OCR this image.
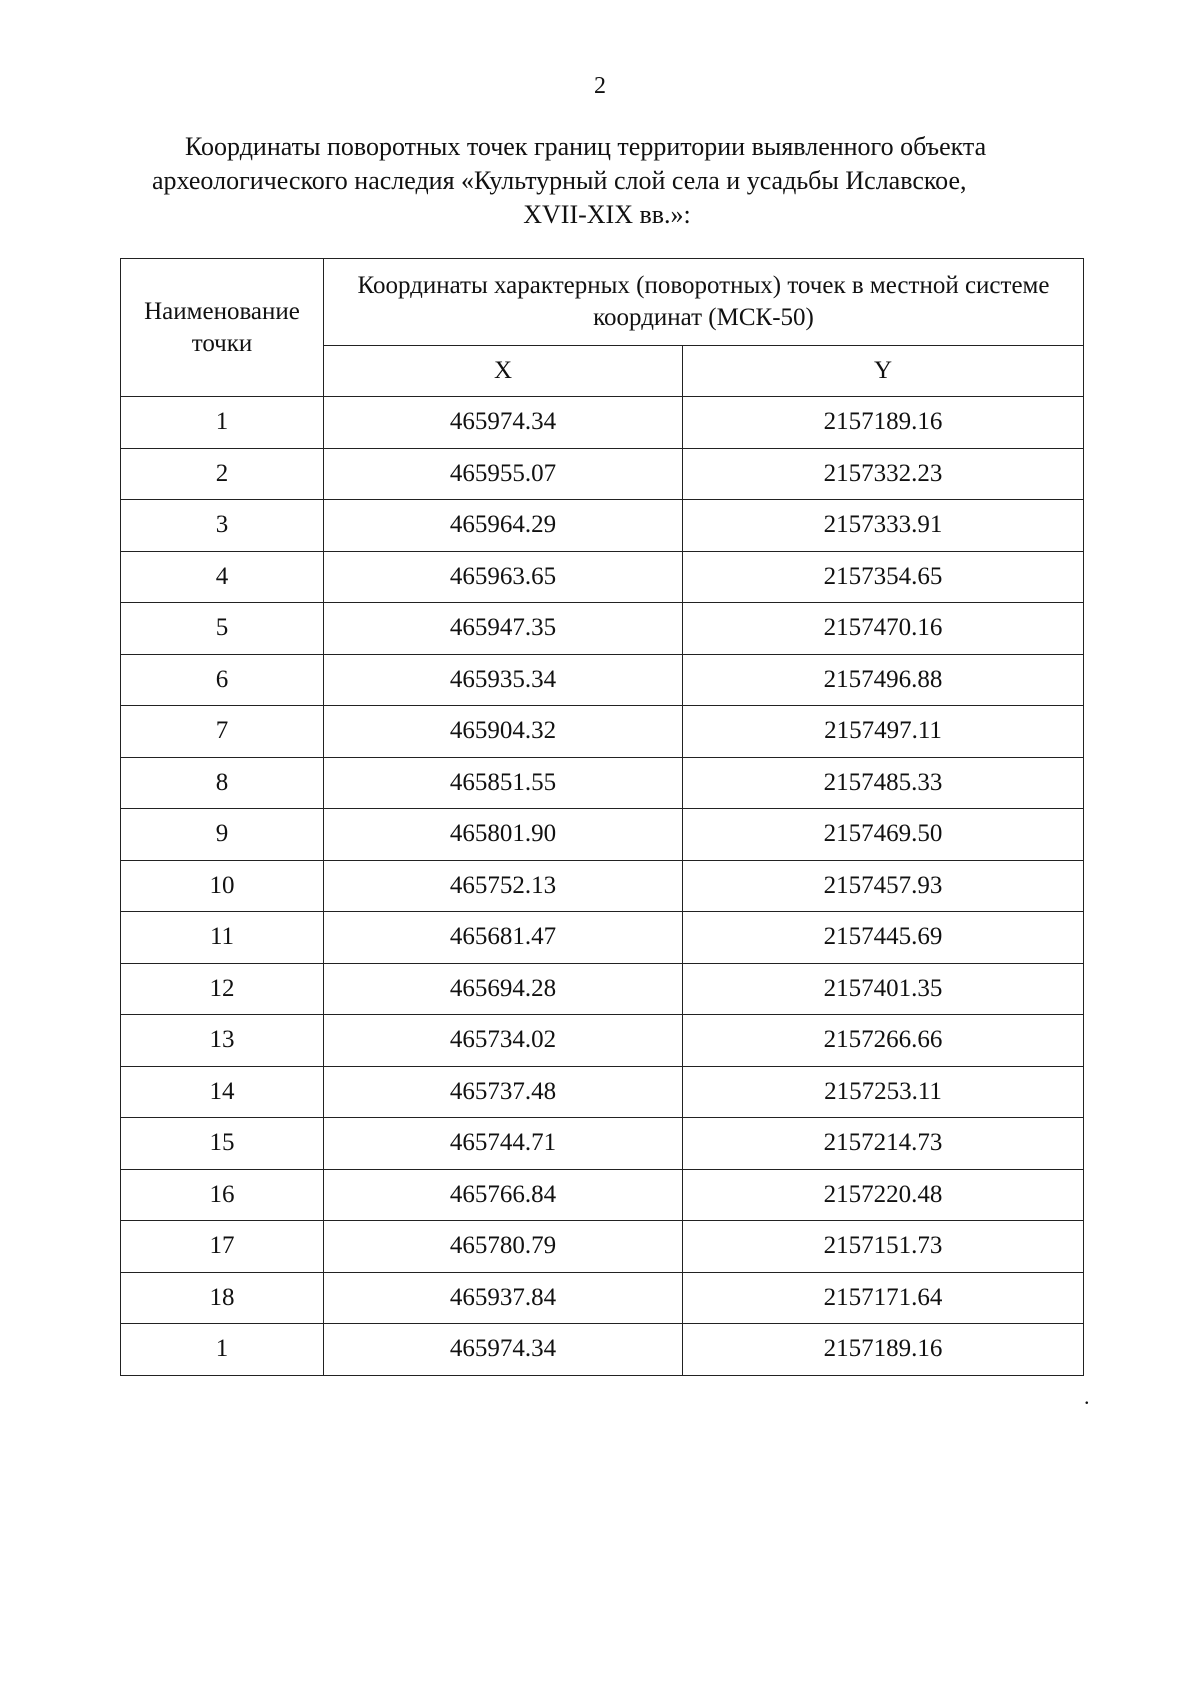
2
Координаты поворотных точек границ территории выявленного объекта
археологического наследия «Культурный слой села и усадьбы Иславское,
XVII-XIX вв.»:
Наименование точки	Координаты характерных (поворотных) точек в местной системе координат (МСК-50)	
	X	Y
1	465974.34	2157189.16
2	465955.07	2157332.23
3	465964.29	2157333.91
4	465963.65	2157354.65
5	465947.35	2157470.16
6	465935.34	2157496.88
7	465904.32	2157497.11
8	465851.55	2157485.33
9	465801.90	2157469.50
10	465752.13	2157457.93
11	465681.47	2157445.69
12	465694.28	2157401.35
13	465734.02	2157266.66
14	465737.48	2157253.11
15	465744.71	2157214.73
16	465766.84	2157220.48
17	465780.79	2157151.73
18	465937.84	2157171.64
1	465974.34	2157189.16
.
